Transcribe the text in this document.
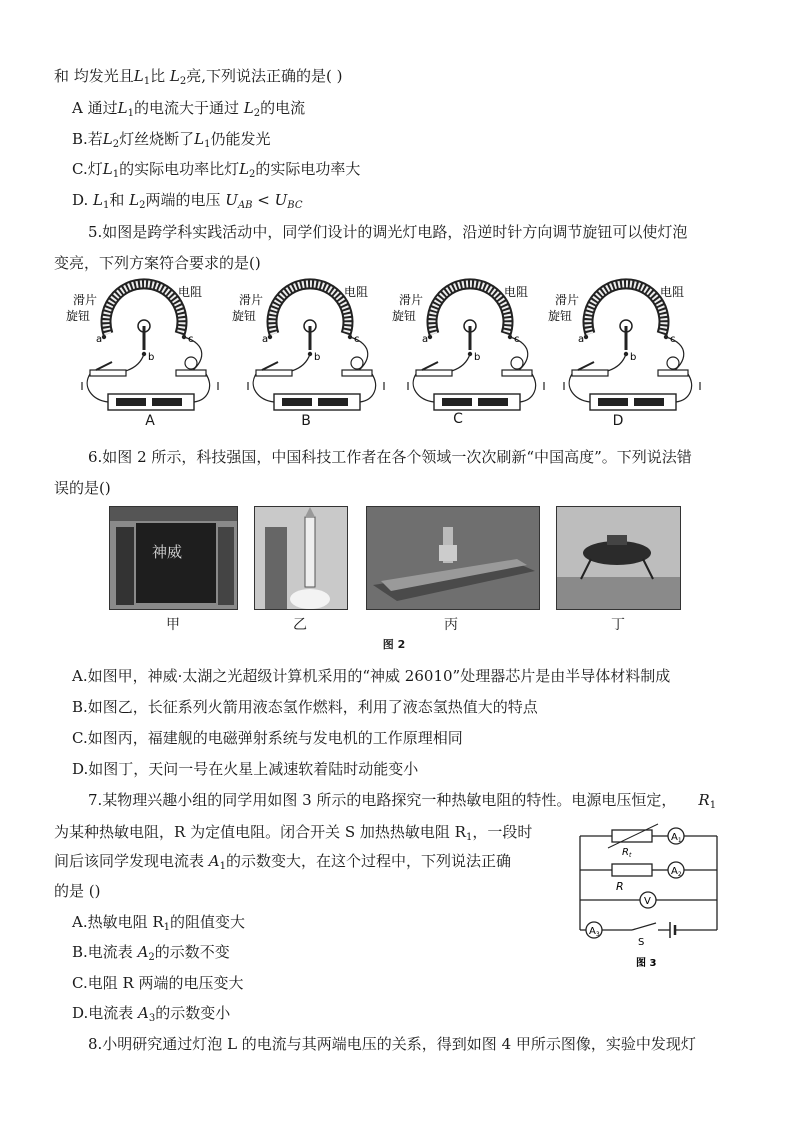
和 均发光且$L_1$比 $L_2$亮,下列说法正确的是( )
A 通过$L_1$的电流大于通过 $L_2$的电流
B.若$L_2$灯丝烧断了$L_1$仍能发光
C.灯$L_1$的实际电功率比灯$L_2$的实际电功率大
D. $L_1$和 $L_2$两端的电压 $U_{AB} < U_{BC}$
5.如图是跨学科实践活动中，同学们设计的调光灯电路，沿逆时针方向调节旋钮可以使灯泡
变亮，下列方案符合要求的是()
滑片
旋钮
电阻
a
b
c
滑片
旋钮
电阻
a
b
c
滑片
旋钮
电阻
a
b
c
滑片
旋钮
电阻
a
b
c
A	B	C	D
6.如图 2 所示，科技强国，中国科技工作者在各个领域一次次刷新“中国高度”。下列说法错
误的是()
神威
甲	乙	丙	丁
图 2
A.如图甲，神威·太湖之光超级计算机采用的“神威 26010”处理器芯片是由半导体材料制成
B.如图乙，长征系列火箭用液态氢作燃料，利用了液态氢热值大的特点
C.如图丙，福建舰的电磁弹射系统与发电机的工作原理相同
D.如图丁，天问一号在火星上减速软着陆时动能变小
7.某物理兴趣小组的同学用如图 3 所示的电路探究一种热敏电阻的特性。电源电压恒定， $R_1$
为某种热敏电阻，R 为定值电阻。闭合开关 S 加热热敏电阻 $R_1$，一段时
间后该同学发现电流表 $A_1$的示数变大，在这个过程中，下列说法正确
的是 ()
A.热敏电阻 $R_1$的阻值变大
B.电流表 $A_2$的示数不变
C.电阻 R 两端的电压变大
D.电流表 $A_3$的示数变小
$A_1$
$R_t$
$A_2$
R
V
$A_3$
S
图 3
8.小明研究通过灯泡 L 的电流与其两端电压的关系，得到如图 4 甲所示图像，实验中发现灯
